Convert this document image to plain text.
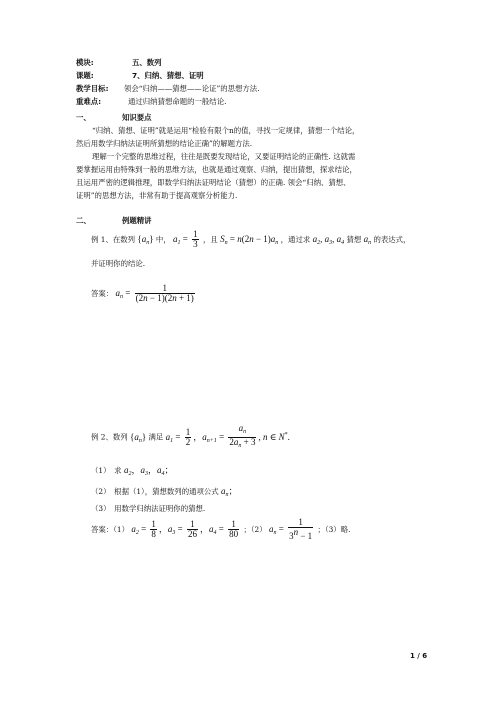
模块:	五、数列
课题:	7、归纳、猜想、证明
教学目标: 领会“归纳——猜想——论证”的思想方法.
重难点:	通过归纳猜想命题的一般结论.
一、	知识要点
“归纳、猜想、证明”就是运用“检验有限个n的值，寻找一定规律，猜想一个结论，
然后用数学归纳法证明所猜想的结论正确”的解题方法.
理解一个完整的思维过程，往往是既要发现结论，又要证明结论的正确性. 这就需
要掌握运用由特殊到一般的思维方法，也就是通过观察、归纳，提出猜想，探求结论，
且运用严密的逻辑推理，即数学归纳法证明结论（猜想）的正确. 领会“归纳、猜想、
证明”的思想方法，非常有助于提高观察分析能力.
二、	例题精讲
例 1、在数列 $\{a_n\}$ 中， $a_1 = \frac{1}{3}$ ，且 $S_n = n(2n - 1)a_n$ ，通过求 $a_2$, $a_3$, $a_4$ 猜想 $a_n$ 的表达式，
并证明你的结论.
答案： $a_n = \frac{1}{(2n - 1)(2n + 1)}$
例 2、数列 $\{a_n\}$ 满足 $a_1 = \frac{1}{2}$ ，$a_{n+1} = \frac{a_n}{2a_n + 3}$ , n ∈ N*.
（1）　求 $a_2$，$a_3$，$a_4$；
（2）　根据（1），猜想数列的通项公式 $a_n$；
（3）　用数学归纳法证明你的猜想.
答案：（1） $a_2 = \frac{1}{8}$ ，$a_3 = \frac{1}{26}$ ，$a_4 = \frac{1}{80}$ ；（2） $a_n = \frac{1}{3^n - 1}$ ；（3）略.
1 / 6
